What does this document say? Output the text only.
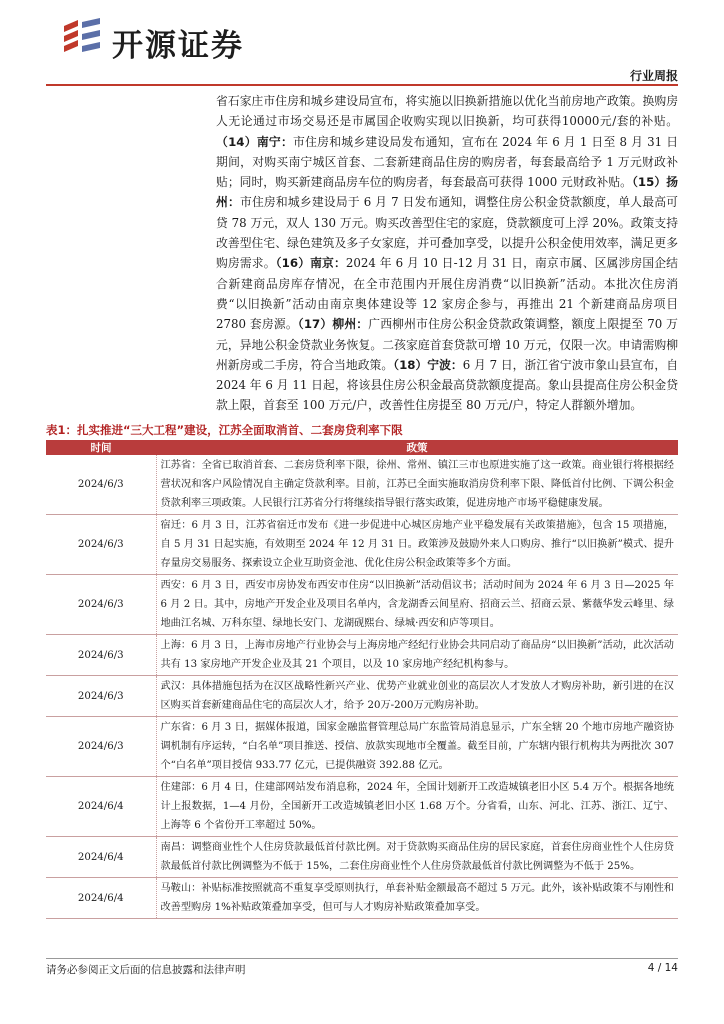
开源证券
行业周报

省石家庄市住房和城乡建设局宣布，将实施以旧换新措施以优化当前房地产政策。换购房人无论通过市场交易还是市属国企收购实现以旧换新，均可获得10000元/套的补贴。（14）南宁：市住房和城乡建设局发布通知，宣布在 2024 年 6 月 1 日至 8 月 31 日期间，对购买南宁城区首套、二套新建商品住房的购房者，每套最高给予 1 万元财政补贴；同时，购买新建商品房车位的购房者，每套最高可获得 1000 元财政补贴。（15）扬州：市住房和城乡建设局于 6 月 7 日发布通知，调整住房公积金贷款额度，单人最高可贷 78 万元，双人 130 万元。购买改善型住宅的家庭，贷款额度可上浮 20%。政策支持改善型住宅、绿色建筑及多子女家庭，并可叠加享受，以提升公积金使用效率，满足更多购房需求。（16）南京：2024 年 6 月 10 日-12 月 31 日，南京市属、区属涉房国企结合新建商品房库存情况，在全市范围内开展住房消费“以旧换新”活动。本批次住房消费“以旧换新”活动由南京奥体建设等 12 家房企参与，再推出 21 个新建商品房项目 2780 套房源。（17）柳州：广西柳州市住房公积金贷款政策调整，额度上限提至 70 万元，异地公积金贷款业务恢复。二孩家庭首套贷款可增 10 万元，仅限一次。申请需购柳州新房或二手房，符合当地政策。（18）宁波：6 月 7 日，浙江省宁波市象山县宣布，自 2024 年 6 月 11 日起，将该县住房公积金最高贷款额度提高。象山县提高住房公积金贷款上限，首套至 100 万元/户，改善性住房提至 80 万元/户，特定人群额外增加。

表1：扎实推进“三大工程”建设，江苏全面取消首、二套房贷利率下限
时间	政策
2024/6/3	江苏省：全省已取消首套、二套房贷利率下限，徐州、常州、镇江三市也原进实施了这一政策。商业银行将根据经营状况和客户风险情况自主确定贷款利率。目前，江苏已全面实施取消房贷利率下限、降低首付比例、下调公积金贷款利率三项政策。人民银行江苏省分行将继续指导银行落实政策，促进房地产市场平稳健康发展。
2024/6/3	宿迁：6 月 3 日，江苏省宿迁市发布《进一步促进中心城区房地产业平稳发展有关政策措施》，包含 15 项措施，自 5 月 31 日起实施，有效期至 2024 年 12 月 31 日。政策涉及鼓励外来人口购房、推行“以旧换新”模式、提升存量房交易服务、探索设立企业互助资金池、优化住房公积金政策等多个方面。
2024/6/3	西安：6 月 3 日，西安市房协发布西安市住房“以旧换新”活动倡议书；活动时间为 2024 年 6 月 3 日—2025 年 6 月 2 日。其中，房地产开发企业及项目名单内，含龙湖香云间星府、招商云兰、招商云景、紫薇华发云峰里、绿地曲江名城、万科东望、绿地长安门、龙湖砚熙台、绿城·西安和庐等项目。
2024/6/3	上海：6 月 3 日，上海市房地产行业协会与上海房地产经纪行业协会共同启动了商品房“以旧换新”活动，此次活动共有 13 家房地产开发企业及其 21 个项目，以及 10 家房地产经纪机构参与。
2024/6/3	武汉：具体措施包括为在汉区战略性新兴产业、优势产业就业创业的高层次人才发放人才购房补助，新引进的在汉区购买首套新建商品住宅的高层次人才，给予 20万-200万元购房补助。
2024/6/3	广东省：6 月 3 日，据媒体报道，国家金融监督管理总局广东监管局消息显示，广东全辖 20 个地市房地产融资协调机制有序运转，“白名单”项目推送、授信、放款实现地市全覆盖。截至目前，广东辖内银行机构共为两批次 307 个“白名单”项目授信 933.77 亿元，已提供融资 392.88 亿元。
2024/6/4	住建部：6 月 4 日，住建部网站发布消息称，2024 年，全国计划新开工改造城镇老旧小区 5.4 万个。根据各地统计上报数据，1—4 月份，全国新开工改造城镇老旧小区 1.68 万个。分省看，山东、河北、江苏、浙江、辽宁、上海等 6 个省份开工率超过 50%。
2024/6/4	南昌：调整商业性个人住房贷款最低首付款比例。对于贷款购买商品住房的居民家庭，首套住房商业性个人住房贷款最低首付款比例调整为不低于 15%，二套住房商业性个人住房贷款最低首付款比例调整为不低于 25%。
2024/6/4	马鞍山：补贴标准按照就高不重复享受原则执行，单套补贴金额最高不超过 5 万元。此外，该补贴政策不与刚性和改善型购房 1%补贴政策叠加享受，但可与人才购房补贴政策叠加享受。
请务必参阅正文后面的信息披露和法律声明	4 / 14
